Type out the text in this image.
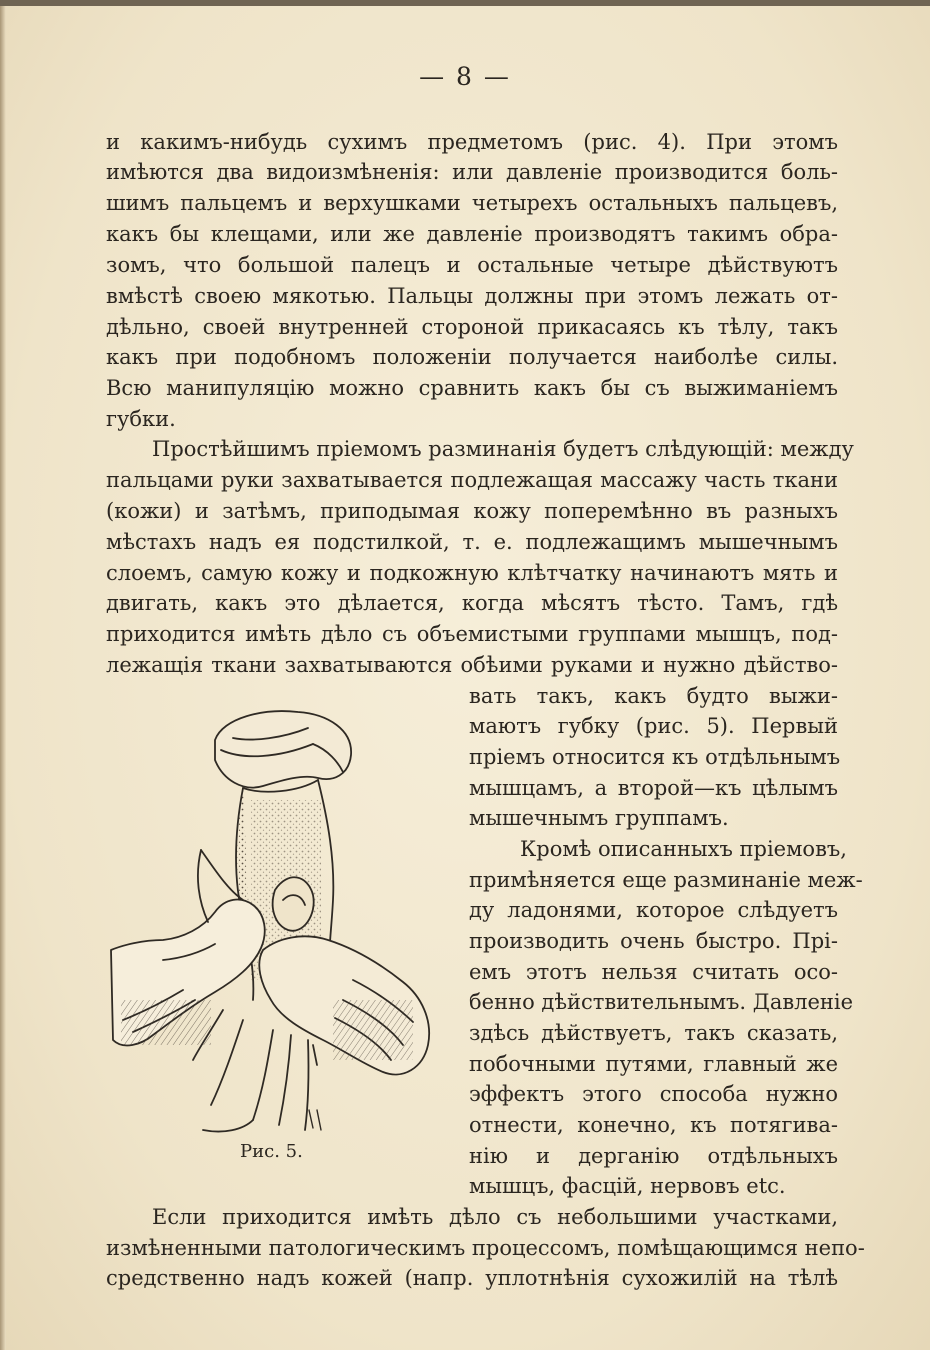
— 8 —
и какимъ-нибудь сухимъ предметомъ (рис. 4). При этомъ
имѣются два видоизмѣненія: или давленіе производится боль-
шимъ пальцемъ и верхушками четырехъ остальныхъ пальцевъ,
какъ бы клещами, или же давленіе производятъ такимъ обра-
зомъ, что большой палецъ и остальные четыре дѣйствуютъ
вмѣстѣ своею мякотью. Пальцы должны при этомъ лежать от-
дѣльно, своей внутренней стороной прикасаясь къ тѣлу, такъ
какъ при подобномъ положеніи получается наиболѣе силы.
Всю манипуляцію можно сравнить какъ бы съ выжиманіемъ
губки.
Простѣйшимъ пріемомъ разминанія будетъ слѣдующій: между
пальцами руки захватывается подлежащая массажу часть ткани
(кожи) и затѣмъ, приподымая кожу поперемѣнно въ разныхъ
мѣстахъ надъ ея подстилкой, т. е. подлежащимъ мышечнымъ
слоемъ, самую кожу и подкожную клѣтчатку начинаютъ мять и
двигать, какъ это дѣлается, когда мѣсятъ тѣсто. Тамъ, гдѣ
приходится имѣть дѣло съ объемистыми группами мышцъ, под-
лежащія ткани захватываются обѣими руками и нужно дѣйство-
вать такъ, какъ будто выжи-
маютъ губку (рис. 5). Первый
пріемъ относится къ отдѣльнымъ
мышцамъ, а второй—къ цѣлымъ
мышечнымъ группамъ.
Кромѣ описанныхъ пріемовъ,
примѣняется еще разминаніе меж-
ду ладонями, которое слѣдуетъ
производить очень быстро. Прі-
емъ этотъ нельзя считать осо-
бенно дѣйствительнымъ. Давленіе
здѣсь дѣйствуетъ, такъ сказать,
побочными путями, главный же
эффектъ этого способа нужно
отнести, конечно, къ потягива-
нію и дерганію отдѣльныхъ
мышцъ, фасцій, нервовъ etc.
Если приходится имѣть дѣло съ небольшими участками,
измѣненными патологическимъ процессомъ, помѣщающимся непо-
средственно надъ кожей (напр. уплотнѣнія сухожилій на тѣлѣ
Рис. 5.
